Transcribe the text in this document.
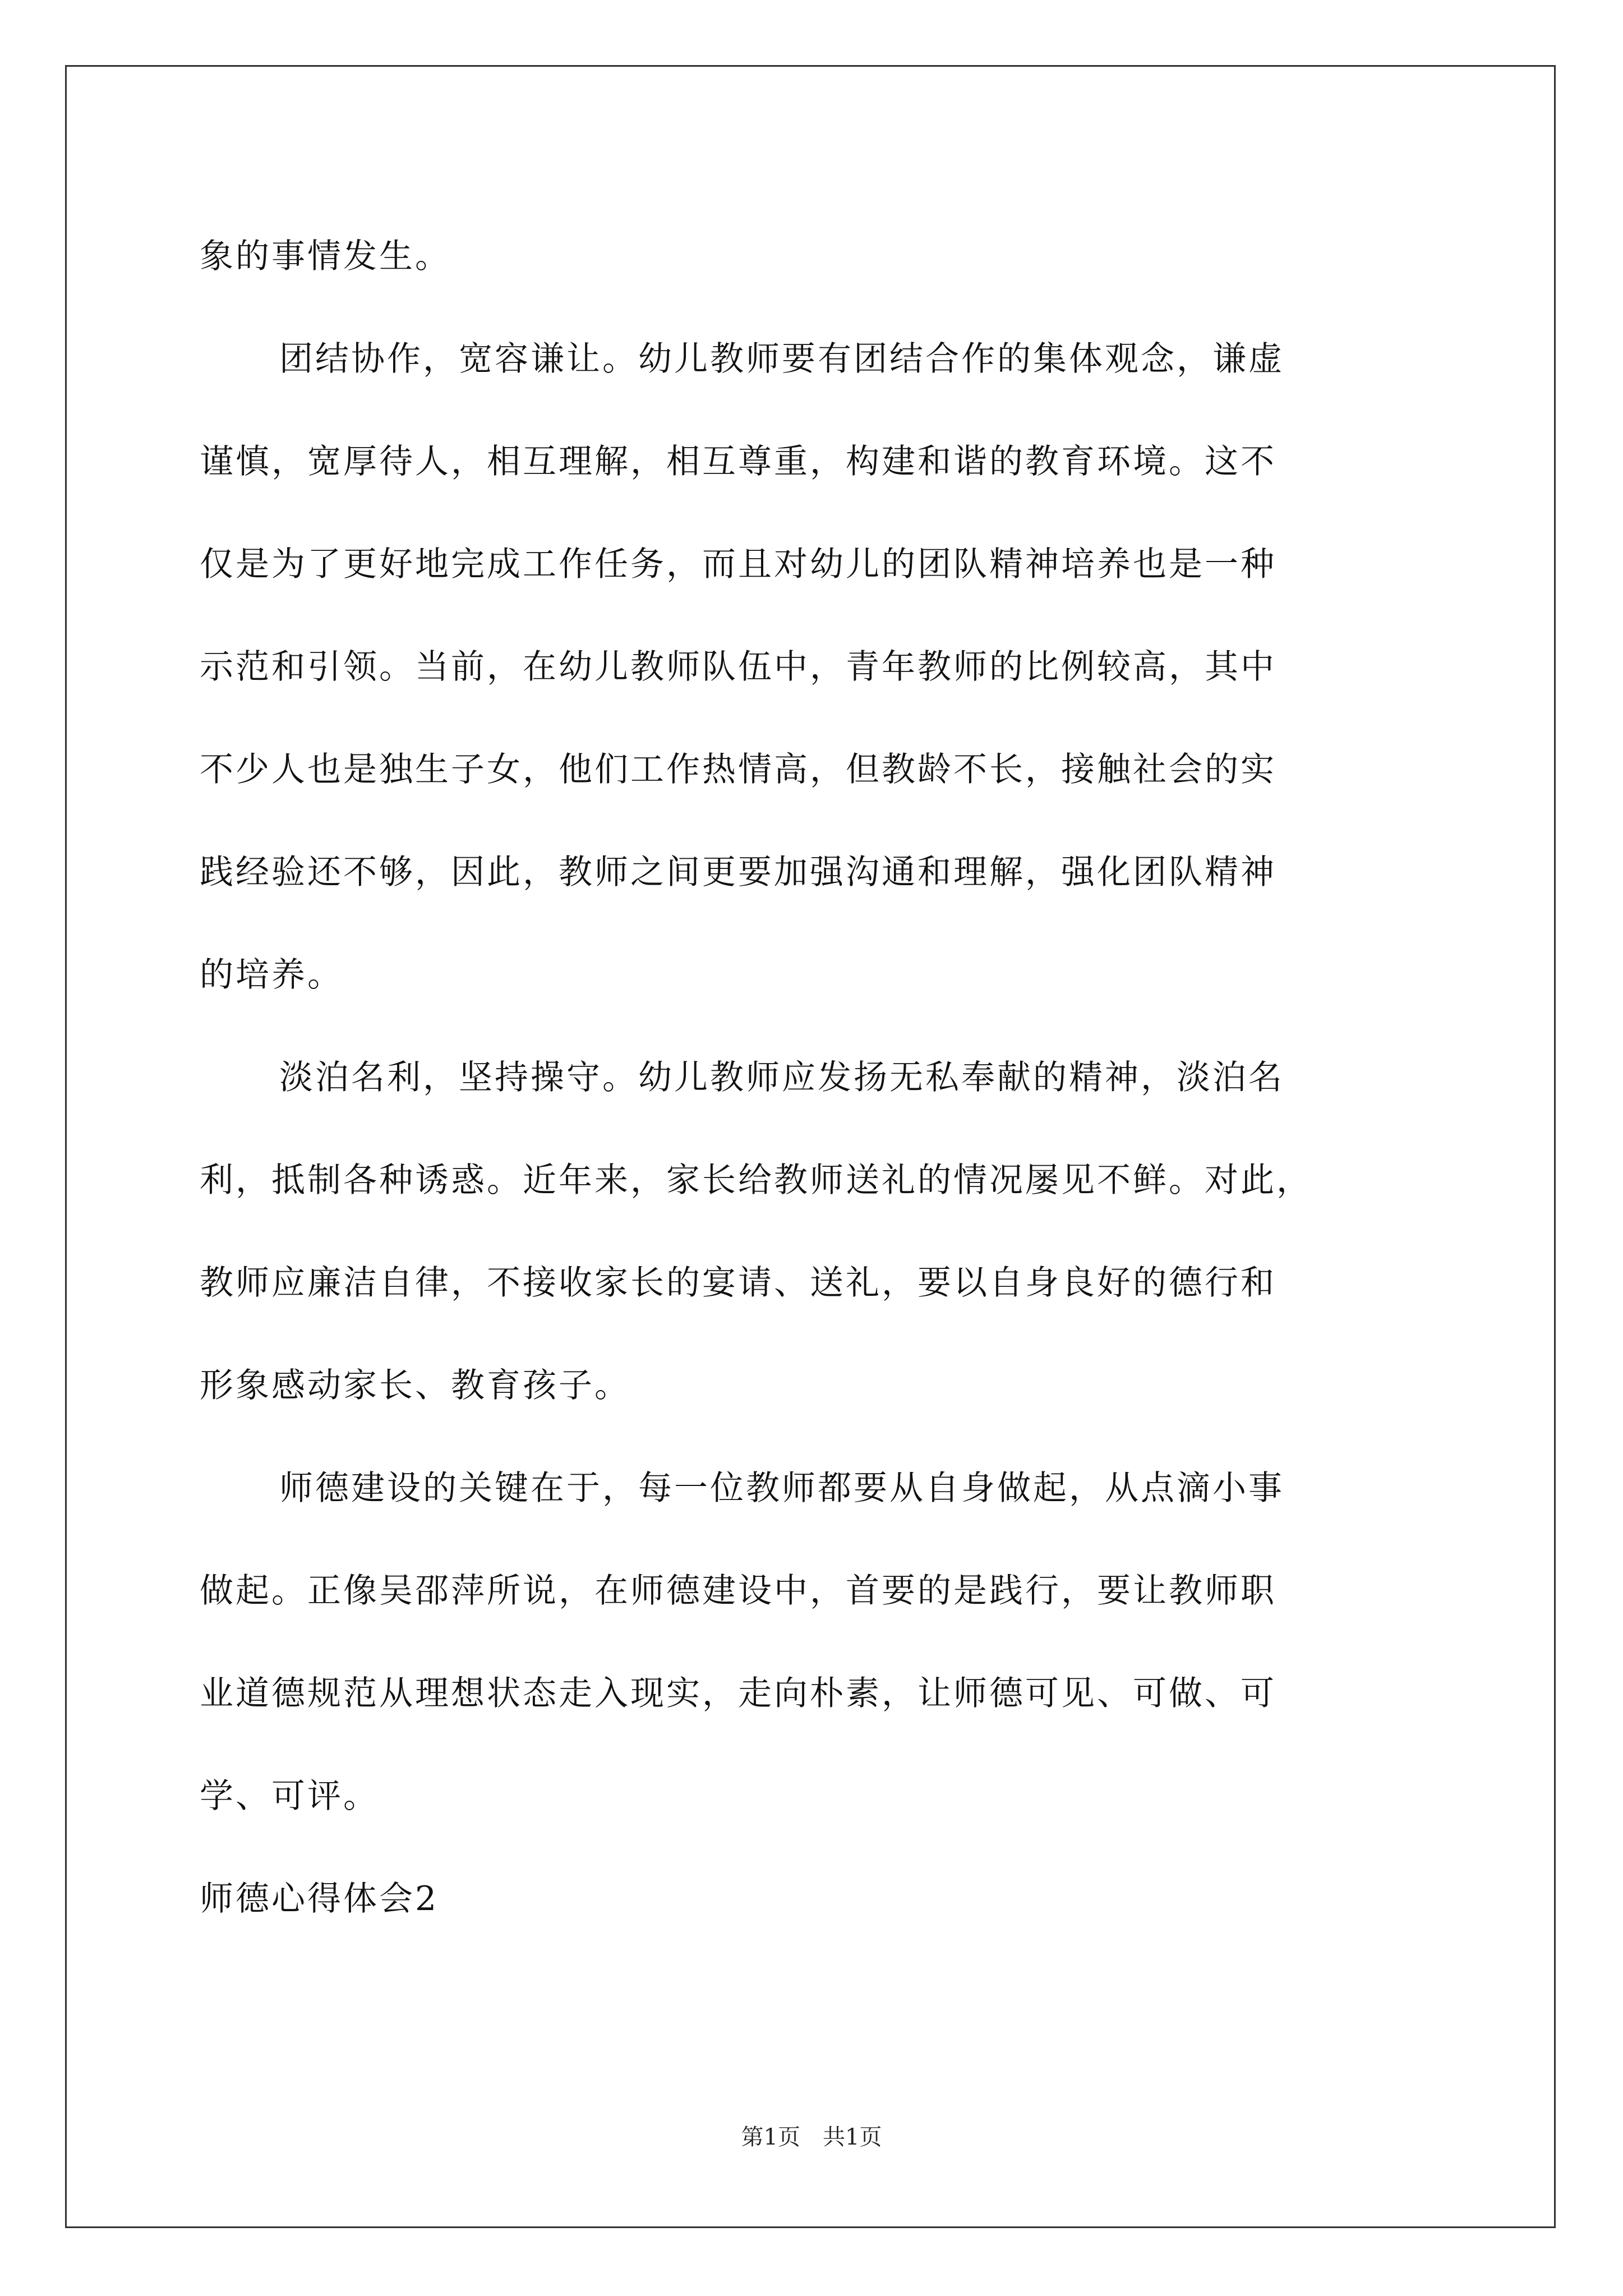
象的事情发生。
团结协作，宽容谦让。幼儿教师要有团结合作的集体观念，谦虚
谨慎，宽厚待人，相互理解，相互尊重，构建和谐的教育环境。这不
仅是为了更好地完成工作任务，而且对幼儿的团队精神培养也是一种
示范和引领。当前，在幼儿教师队伍中，青年教师的比例较高，其中
不少人也是独生子女，他们工作热情高，但教龄不长，接触社会的实
践经验还不够，因此，教师之间更要加强沟通和理解，强化团队精神
的培养。
淡泊名利，坚持操守。幼儿教师应发扬无私奉献的精神，淡泊名
利，抵制各种诱惑。近年来，家长给教师送礼的情况屡见不鲜。对此，
教师应廉洁自律，不接收家长的宴请、送礼，要以自身良好的德行和
形象感动家长、教育孩子。
师德建设的关键在于，每一位教师都要从自身做起，从点滴小事
做起。正像吴邵萍所说，在师德建设中，首要的是践行，要让教师职
业道德规范从理想状态走入现实，走向朴素，让师德可见、可做、可
学、可评。
师德心得体会2
第1页 共1页
